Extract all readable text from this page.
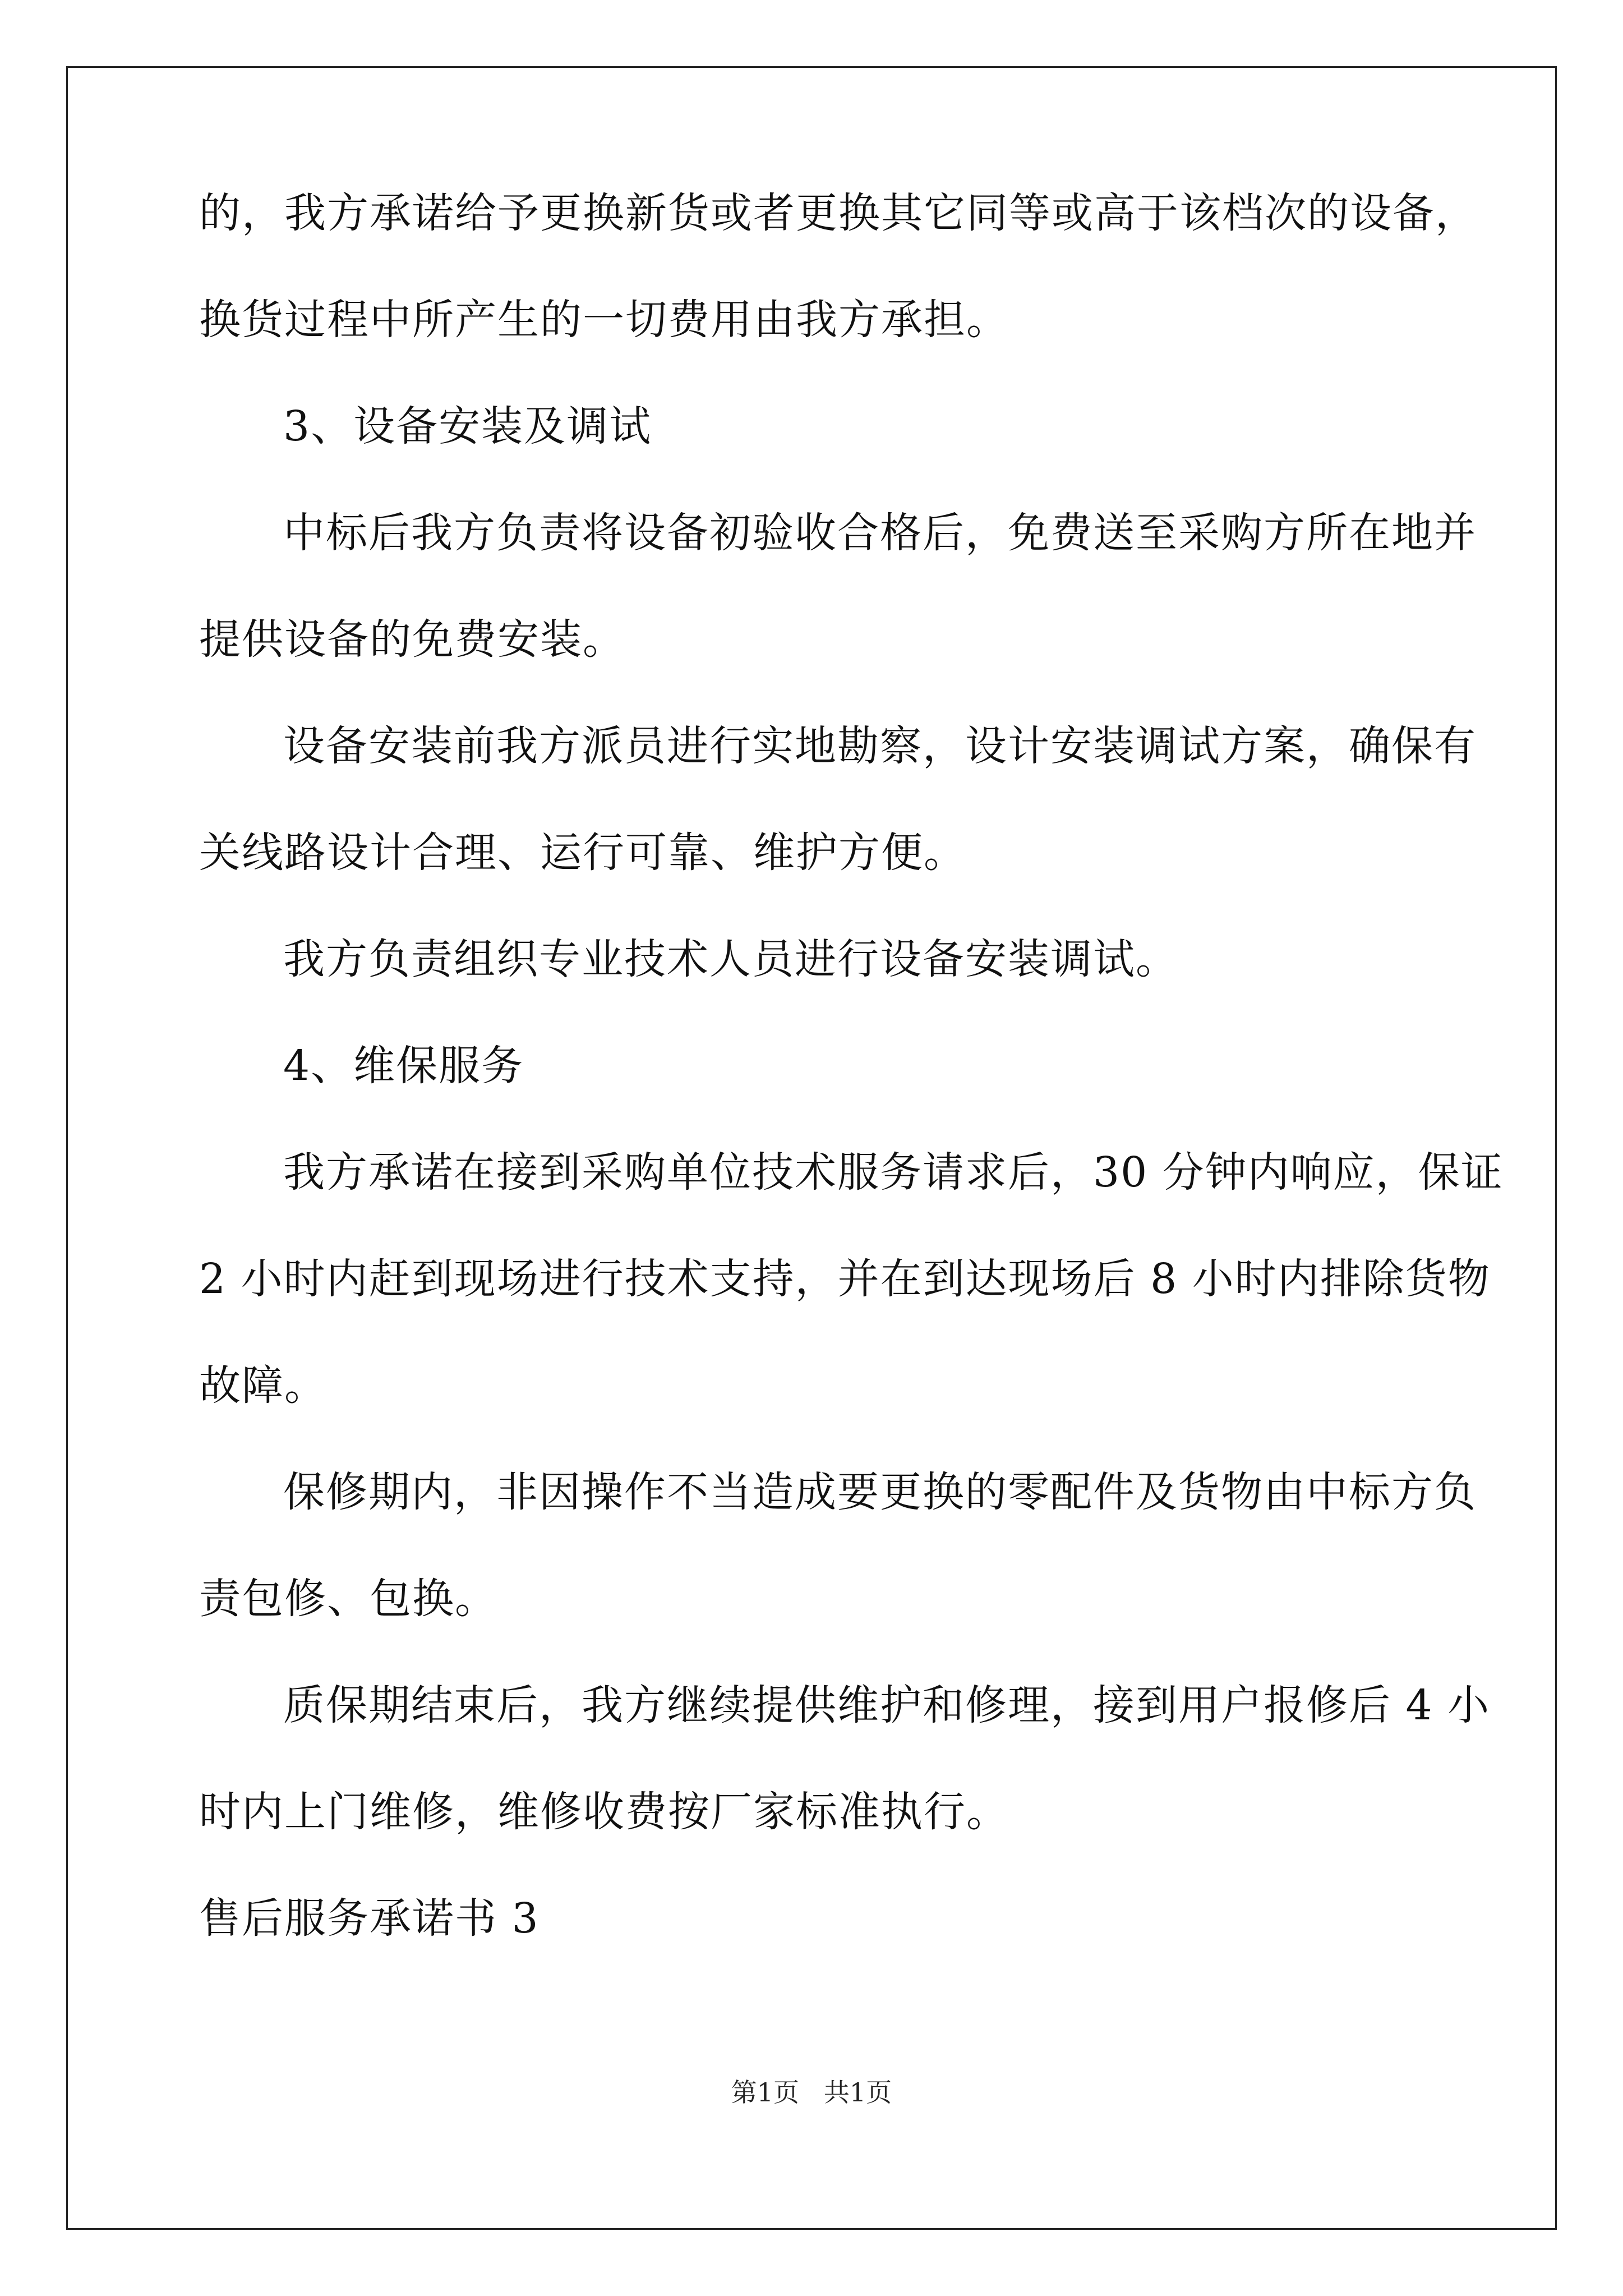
的，我方承诺给予更换新货或者更换其它同等或高于该档次的设备，
换货过程中所产生的一切费用由我方承担。
3、设备安装及调试
中标后我方负责将设备初验收合格后，免费送至采购方所在地并
提供设备的免费安装。
设备安装前我方派员进行实地勘察，设计安装调试方案，确保有
关线路设计合理、运行可靠、维护方便。
我方负责组织专业技术人员进行设备安装调试。
4、维保服务
我方承诺在接到采购单位技术服务请求后，30 分钟内响应，保证
2 小时内赶到现场进行技术支持，并在到达现场后 8 小时内排除货物
故障。
保修期内，非因操作不当造成要更换的零配件及货物由中标方负
责包修、包换。
质保期结束后，我方继续提供维护和修理，接到用户报修后 4 小
时内上门维修，维修收费按厂家标准执行。
售后服务承诺书 3
第1页   共1页
